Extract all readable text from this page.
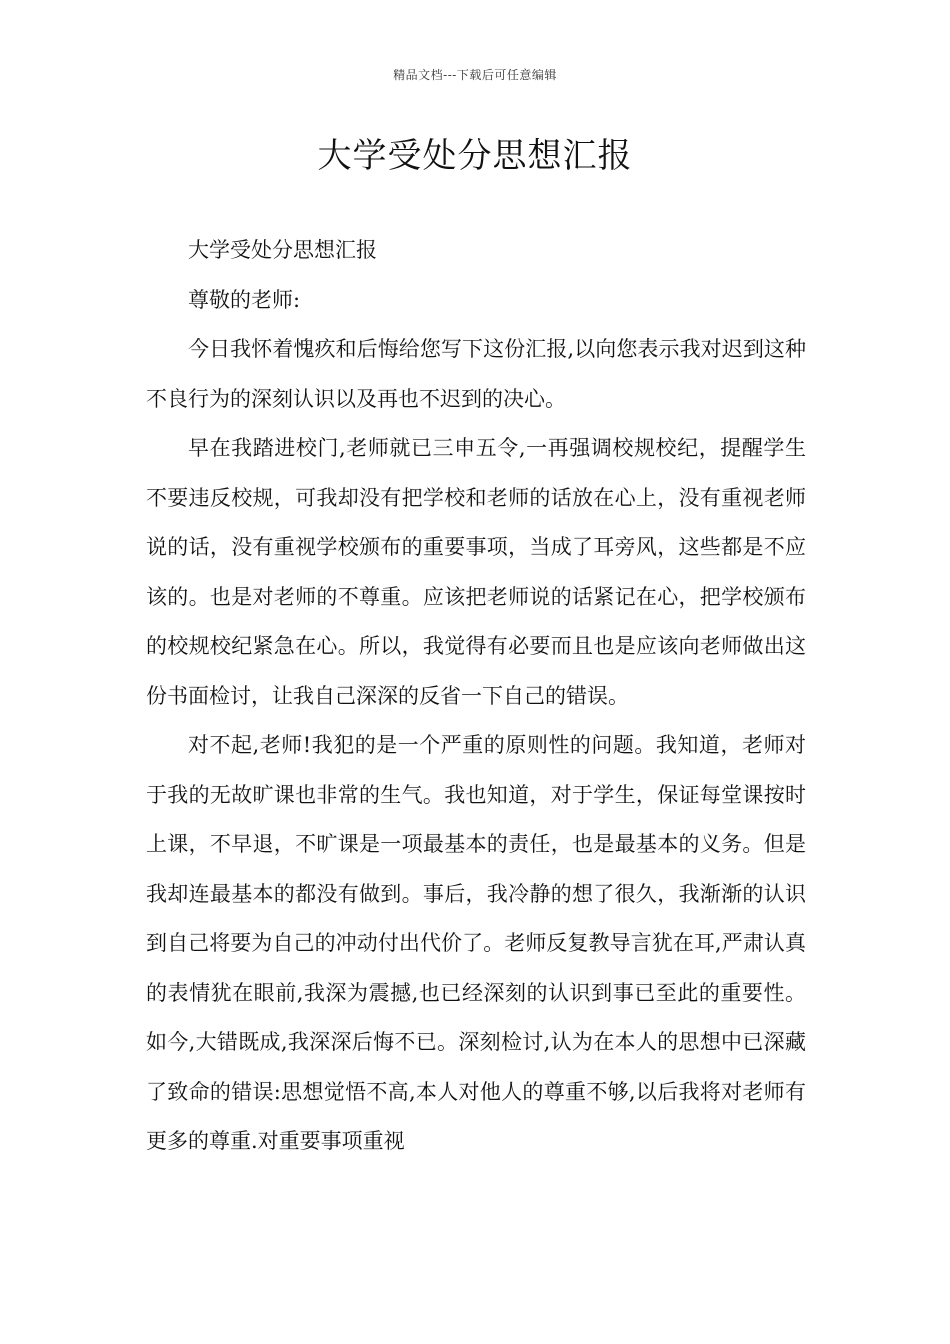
精品文档---下载后可任意编辑
大学受处分思想汇报

大学受处分思想汇报

尊敬的老师:

今日我怀着愧疚和后悔给您写下这份汇报,以向您表示我对迟到这种不良行为的深刻认识以及再也不迟到的决心。

早在我踏进校门,老师就已三申五令,一再强调校规校纪，提醒学生不要违反校规，可我却没有把学校和老师的话放在心上，没有重视老师说的话，没有重视学校颁布的重要事项，当成了耳旁风，这些都是不应该的。也是对老师的不尊重。应该把老师说的话紧记在心，把学校颁布的校规校纪紧急在心。所以，我觉得有必要而且也是应该向老师做出这份书面检讨，让我自己深深的反省一下自己的错误。

对不起,老师!我犯的是一个严重的原则性的问题。我知道，老师对于我的无故旷课也非常的生气。我也知道，对于学生，保证每堂课按时上课，不早退，不旷课是一项最基本的责任，也是最基本的义务。但是我却连最基本的都没有做到。事后，我冷静的想了很久，我渐渐的认识到自己将要为自己的冲动付出代价了。老师反复教导言犹在耳,严肃认真的表情犹在眼前,我深为震撼,也已经深刻的认识到事已至此的重要性。如今,大错既成,我深深后悔不已。深刻检讨,认为在本人的思想中已深藏了致命的错误:思想觉悟不高,本人对他人的尊重不够,以后我将对老师有更多的尊重.对重要事项重视
